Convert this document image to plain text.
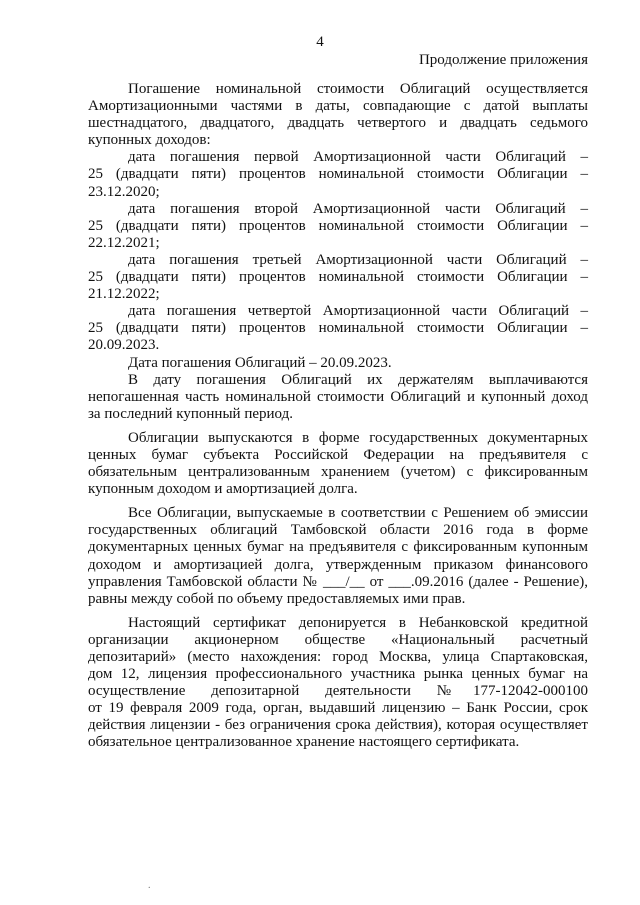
4
Продолжение приложения

Погашение номинальной стоимости Облигаций осуществляется

Амортизационными частями в даты, совпадающие с датой выплаты

шестнадцатого, двадцатого, двадцать четвертого и двадцать седьмого

купонных доходов:

дата погашения первой Амортизационной части Облигаций –

25 (двадцати пяти) процентов номинальной стоимости Облигации –

23.12.2020;

дата погашения второй Амортизационной части Облигаций –

25 (двадцати пяти) процентов номинальной стоимости Облигации –

22.12.2021;

дата погашения третьей Амортизационной части Облигаций –

25 (двадцати пяти) процентов номинальной стоимости Облигации –

21.12.2022;

дата погашения четвертой Амортизационной части Облигаций –

25 (двадцати пяти) процентов номинальной стоимости Облигации –

20.09.2023.

Дата погашения Облигаций – 20.09.2023.

В дату погашения Облигаций их держателям выплачиваются

непогашенная часть номинальной стоимости Облигаций и купонный доход

за последний купонный период.

Облигации выпускаются в форме государственных документарных

ценных бумаг субъекта Российской Федерации на предъявителя с

обязательным централизованным хранением (учетом) с фиксированным

купонным доходом и амортизацией долга.

Все Облигации, выпускаемые в соответствии с Решением об эмиссии

государственных облигаций Тамбовской области 2016 года в форме

документарных ценных бумаг на предъявителя с фиксированным купонным

доходом и амортизацией долга, утвержденным приказом финансового

управления Тамбовской области № ___/__ от ___.09.2016 (далее - Решение),

равны между собой по объему предоставляемых ими прав.

Настоящий сертификат депонируется в Небанковской кредитной

организации акционерном обществе «Национальный расчетный

депозитарий» (место нахождения: город Москва, улица Спартаковская,

дом 12, лицензия профессионального участника рынка ценных бумаг на

осуществление депозитарной деятельности №177-12042-000100

от 19 февраля 2009 года, орган, выдавший лицензию – Банк России, срок

действия лицензии - без ограничения срока действия), которая осуществляет

обязательное централизованное хранение настоящего сертификата.

.
